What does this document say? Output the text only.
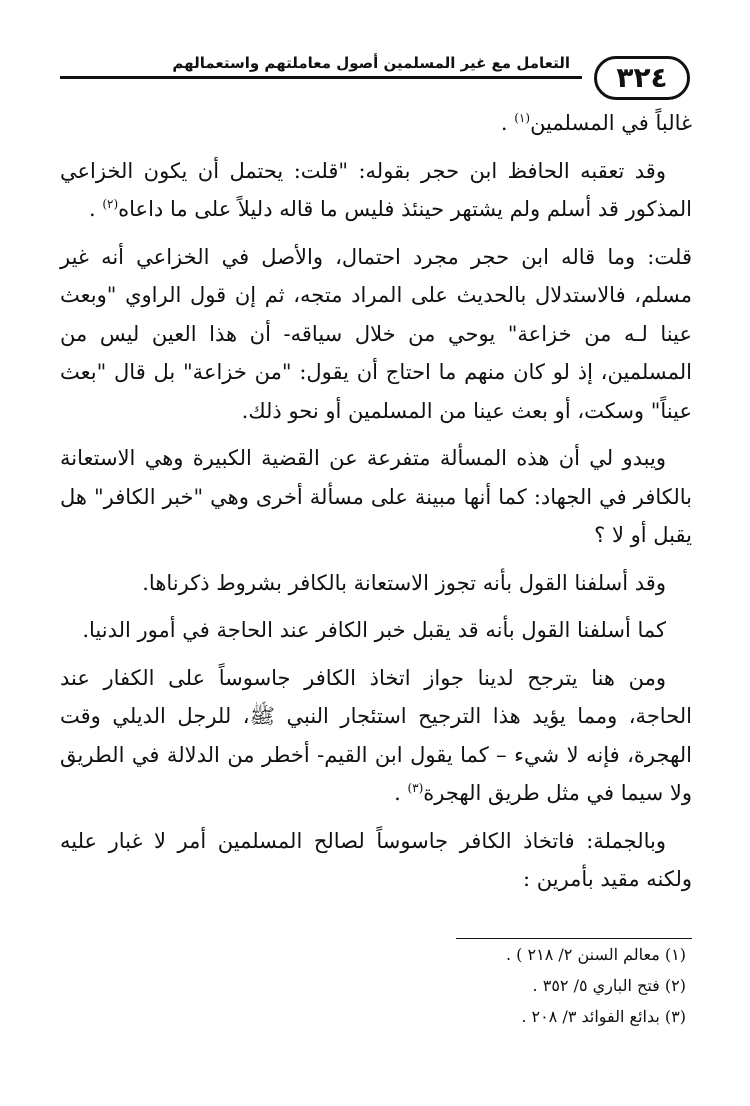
التعامل مع غير المسلمين أصول معاملتهم واستعمالهم	٣٢٤

غالباً في المسلمين$^{(١)}$ .

وقد تعقبه الحافظ ابن حجر بقوله: "قلت: يحتمل أن يكون الخزاعي المذكور قد أسلم ولم يشتهر حينئذ فليس ما قاله دليلاً على ما داعاه$^{(٢)}$ .

قلت: وما قاله ابن حجر مجرد احتمال، والأصل في الخزاعي أنه غير مسلم، فالاستدلال بالحديث على المراد متجه، ثم إن قول الراوي "وبعث عينا لـه من خزاعة" يوحي من خلال سياقه- أن هذا العين ليس من المسلمين، إذ لو كان منهم ما احتاج أن يقول: "من خزاعة" بل قال "بعث عيناً" وسكت، أو بعث عينا من المسلمين أو نحو ذلك.

ويبدو لي أن هذه المسألة متفرعة عن القضية الكبيرة وهي الاستعانة بالكافر في الجهاد: كما أنها مبينة على مسألة أخرى وهي "خبر الكافر" هل يقبل أو لا ؟

وقد أسلفنا القول بأنه تجوز الاستعانة بالكافر بشروط ذكرناها.

كما أسلفنا القول بأنه قد يقبل خبر الكافر عند الحاجة في أمور الدنيا.

ومن هنا يترجح لدينا جواز اتخاذ الكافر جاسوساً على الكفار عند الحاجة، ومما يؤيد هذا الترجيح استئجار النبي ﷺ، للرجل الديلي وقت الهجرة، فإنه لا شيء – كما يقول ابن القيم- أخطر من الدلالة في الطريق ولا سيما في مثل طريق الهجرة$^{(٣)}$ .

وبالجملة: فاتخاذ الكافر جاسوساً لصالح المسلمين أمر لا غبار عليه ولكنه مقيد بأمرين :

(١) معالم السنن ٢/ ٢١٨ ) .
(٢) فتح الباري ٥/ ٣٥٢ .
(٣) بدائع الفوائد ٣/ ٢٠٨ .
